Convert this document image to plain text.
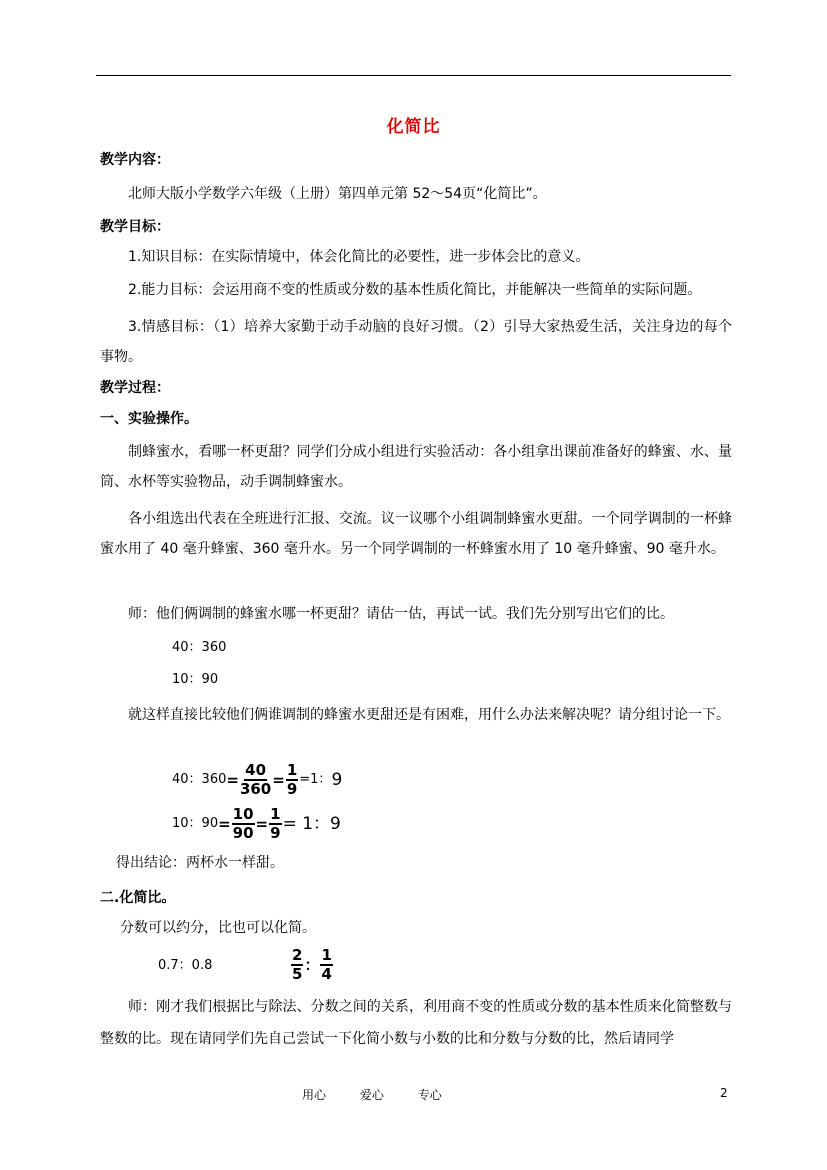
化简比
教学内容：
北师大版小学数学六年级（上册）第四单元第 52～54页“化简比”。
教学目标：
1.知识目标：在实际情境中，体会化简比的必要性，进一步体会比的意义。
2.能力目标：会运用商不变的性质或分数的基本性质化简比，并能解决一些简单的实际问题。
3.情感目标：（1）培养大家勤于动手动脑的良好习惯。（2）引导大家热爱生活，关注身边的每个事物。
教学过程：
一、实验操作。
制蜂蜜水，看哪一杯更甜？同学们分成小组进行实验活动：各小组拿出课前准备好的蜂蜜、水、量筒、水杯等实验物品，动手调制蜂蜜水。
各小组选出代表在全班进行汇报、交流。议一议哪个小组调制蜂蜜水更甜。一个同学调制的一杯蜂蜜水用了 40 毫升蜂蜜、360 毫升水。另一个同学调制的一杯蜂蜜水用了 10 毫升蜂蜜、90 毫升水。
师：他们俩调制的蜂蜜水哪一杯更甜？请估一估，再试一试。我们先分别写出它们的比。
40：360
10：90
就这样直接比较他们俩谁调制的蜂蜜水更甜还是有困难，用什么办法来解决呢？请分组讨论一下。
40：$360= \frac{40}{360} = \frac{1}{9} =1$：9
10：$90= \frac{10}{90} = \frac{1}{9} = 1$：9
得出结论：两杯水一样甜。
二.化简比。
分数可以约分，比也可以化简。
0.7：0.8	$\frac{2}{5}$ ： $\frac{1}{4}$
师：刚才我们根据比与除法、分数之间的关系，利用商不变的性质或分数的基本性质来化简整数与整数的比。现在请同学们先自己尝试一下化简小数与小数的比和分数与分数的比，然后请同学
用心	爱心	专心	2
